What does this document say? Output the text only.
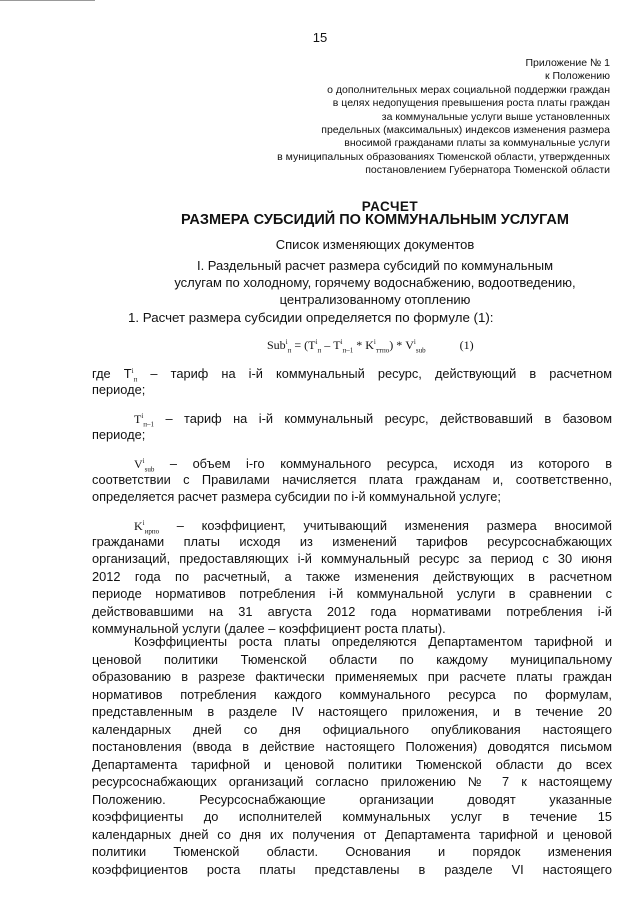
15
Приложение № 1
к Положению
о дополнительных мерах социальной поддержки граждан
в целях недопущения превышения роста платы граждан
за коммунальные услуги выше установленных
предельных (максимальных) индексов изменения размера
вносимой гражданами платы за коммунальные услуги
в муниципальных образованиях Тюменской области, утвержденных
постановлением Губернатора Тюменской области
РАСЧЕТ
РАЗМЕРА СУБСИДИЙ ПО КОММУНАЛЬНЫМ УСЛУГАМ
Список изменяющих документов
I. Раздельный расчет размера субсидий по коммунальным
услугам по холодному, горячему водоснабжению, водоотведению,
централизованному отоплению
1. Расчет размера субсидии определяется по формуле (1):
$Sub^i_п = (T^i_п - T^i_{п-1} * K^i_{ттпо}) * V^i_{sub}$	(1)
где $T^i_п$ – тариф на i-й коммунальный ресурс, действующий в расчетном
периоде;
$T^i_{п-1}$ – тариф на i-й коммунальный ресурс, действовавший в базовом
периоде;
$V^i_{sub}$ – объем i-го коммунального ресурса, исходя из которого в
соответствии с Правилами начисляется плата гражданам и, соответственно,
определяется расчет размера субсидии по i-й коммунальной услуге;
$K^i_{ирпо}$ – коэффициент, учитывающий изменения размера вносимой
гражданами платы исходя из изменений тарифов ресурсоснабжающих
организаций, предоставляющих i-й коммунальный ресурс за период с 30 июня
2012 года по расчетный, а также изменения действующих в расчетном
периоде нормативов потребления i-й коммунальной услуги в сравнении с
действовавшими на 31 августа 2012 года нормативами потребления i-й
коммунальной услуги (далее – коэффициент роста платы).
Коэффициенты роста платы определяются Департаментом тарифной и
ценовой политики Тюменской области по каждому муниципальному
образованию в разрезе фактически применяемых при расчете платы граждан
нормативов потребления каждого коммунального ресурса по формулам,
представленным в разделе IV настоящего приложения, и в течение 20
календарных дней со дня официального опубликования настоящего
постановления (ввода в действие настоящего Положения) доводятся письмом
Департамента тарифной и ценовой политики Тюменской области до всех
ресурсоснабжающих организаций согласно приложению № 7 к настоящему
Положению. Ресурсоснабжающие организации доводят указанные
коэффициенты до исполнителей коммунальных услуг в течение 15
календарных дней со дня их получения от Департамента тарифной и ценовой
политики Тюменской области. Основания и порядок изменения
коэффициентов роста платы представлены в разделе VI настоящего
